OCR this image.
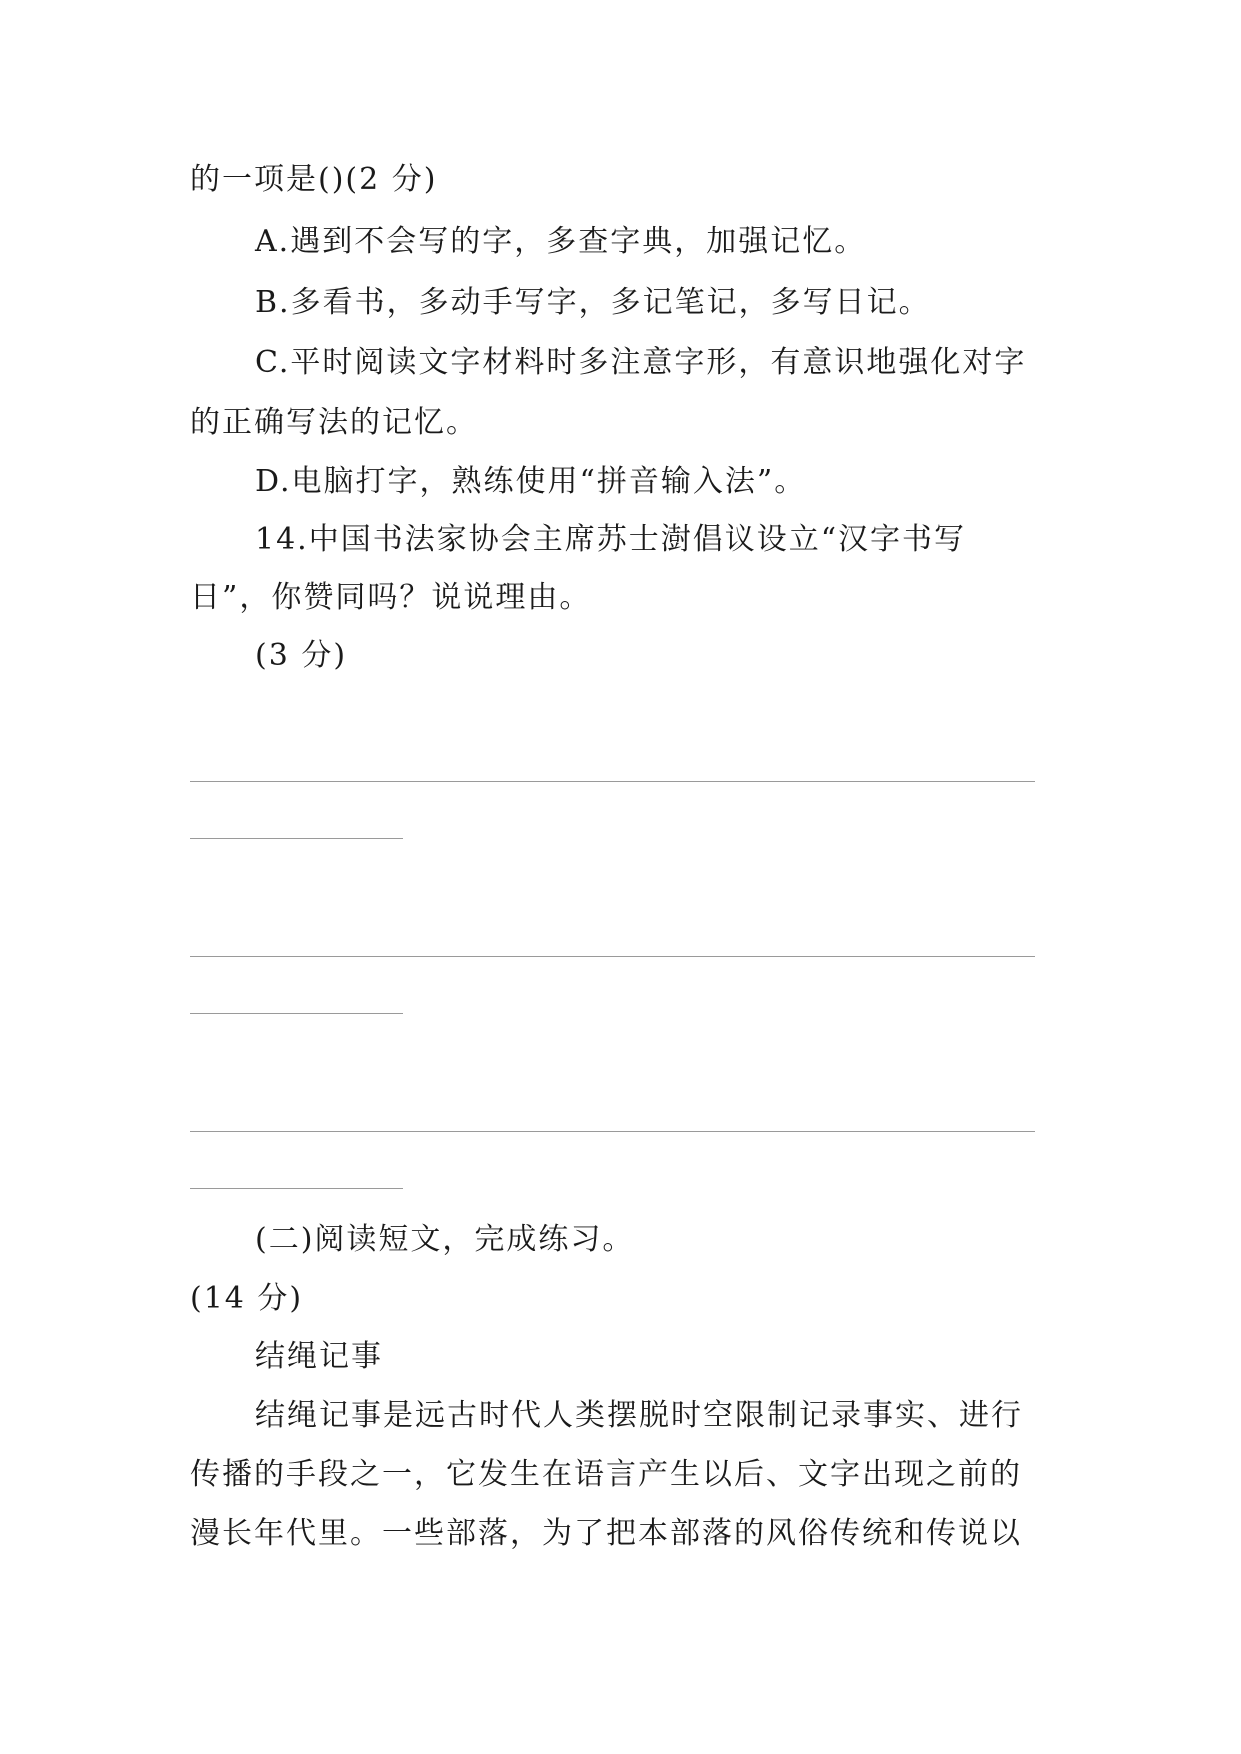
的一项是()(2 分)
A.遇到不会写的字，多查字典，加强记忆。
B.多看书，多动手写字，多记笔记，多写日记。
C.平时阅读文字材料时多注意字形，有意识地强化对字
的正确写法的记忆。
D.电脑打字，熟练使用“拼音输入法”。
14.中国书法家协会主席苏士澍倡议设立“汉字书写
日”，你赞同吗？说说理由。
(3 分)
(二)阅读短文，完成练习。
(14 分)
结绳记事
结绳记事是远古时代人类摆脱时空限制记录事实、进行
传播的手段之一，它发生在语言产生以后、文字出现之前的
漫长年代里。一些部落，为了把本部落的风俗传统和传说以
